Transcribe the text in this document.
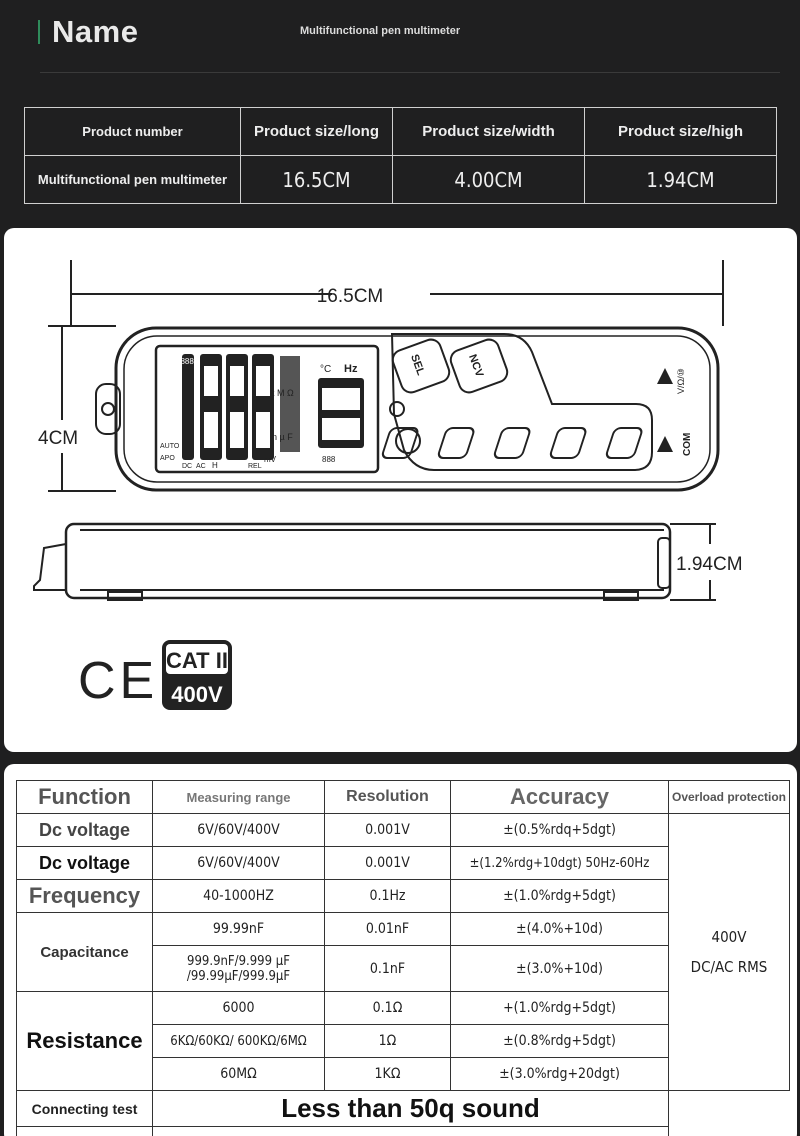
Name	Multifunctional pen multimeter
Product number	Product size/long	Product size/width	Product size/high
Multifunctional pen multimeter	16.5CM	4.00CM	1.94CM
16.5CM
4CM
1.94CM
Hz
°C
k M Ω
n µ F
mV
REL
AUTO
APO
DC AC H
8888
888
SEL	NCV
V/Ω/⑩
COM
CE CAT II
400V
Function	Measuring range	Resolution	Accuracy	Overload protection
Dc voltage	6V/60V/400V	0.001V	±(0.5%rdq+5dgt)	400V
DC/AC RMS

Dc voltage	6V/60V/400V	0.001V	±(1.2%rdg+10dgt) 50Hz-60Hz	
Frequency	40-1000HZ	0.1Hz	±(1.0%rdg+5dgt)	
Capacitance	99.99nF	0.01nF	±(4.0%+10d)	
	999.9nF/9.999 µF /99.99µF/999.9µF	0.1nF	±(3.0%+10d)	
Resistance	6000	0.1Ω	+(1.0%rdg+5dgt)	
	6KΩ/60KΩ/ 600KΩ/6MΩ	1Ω	±(0.8%rdg+5dgt)	
	60MΩ	1KΩ	±(3.0%rdg+20dgt)	
Connecting test	Less than 50q sound			
